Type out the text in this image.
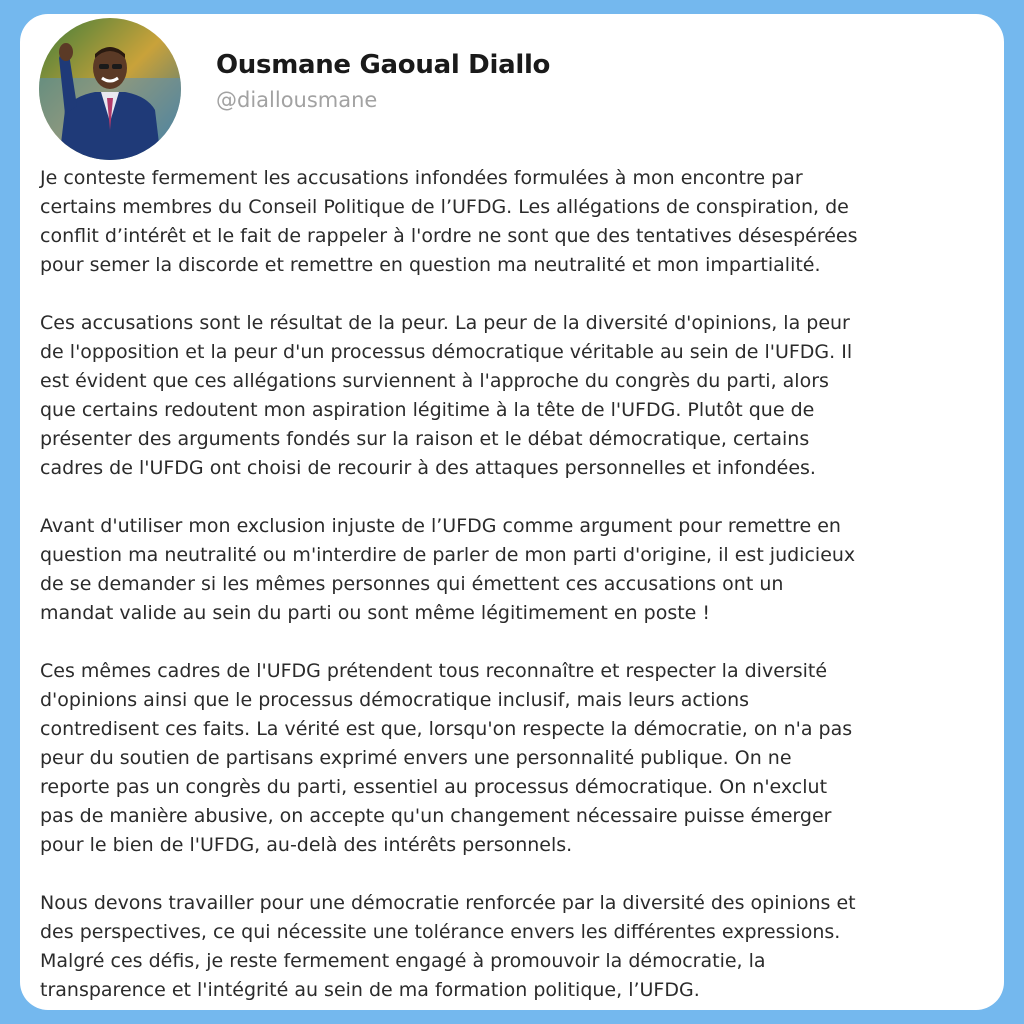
Ousmane Gaoual Diallo
@diallousmane

Je conteste fermement les accusations infondées formulées à mon encontre par
certains membres du Conseil Politique de l’UFDG. Les allégations de conspiration, de
conflit d’intérêt et le fait de rappeler à l'ordre ne sont que des tentatives désespérées
pour semer la discorde et remettre en question ma neutralité et mon impartialité.

Ces accusations sont le résultat de la peur. La peur de la diversité d'opinions, la peur
de l'opposition et la peur d'un processus démocratique véritable au sein de l'UFDG. Il
est évident que ces allégations surviennent à l'approche du congrès du parti, alors
que certains redoutent mon aspiration légitime à la tête de l'UFDG. Plutôt que de
présenter des arguments fondés sur la raison et le débat démocratique, certains
cadres de l'UFDG ont choisi de recourir à des attaques personnelles et infondées.

Avant d'utiliser mon exclusion injuste de l’UFDG comme argument pour remettre en
question ma neutralité ou m'interdire de parler de mon parti d'origine, il est judicieux
de se demander si les mêmes personnes qui émettent ces accusations ont un
mandat valide au sein du parti ou sont même légitimement en poste !

Ces mêmes cadres de l'UFDG prétendent tous reconnaître et respecter la diversité
d'opinions ainsi que le processus démocratique inclusif, mais leurs actions
contredisent ces faits. La vérité est que, lorsqu'on respecte la démocratie, on n'a pas
peur du soutien de partisans exprimé envers une personnalité publique. On ne
reporte pas un congrès du parti, essentiel au processus démocratique. On n'exclut
pas de manière abusive, on accepte qu'un changement nécessaire puisse émerger
pour le bien de l'UFDG, au-delà des intérêts personnels.

Nous devons travailler pour une démocratie renforcée par la diversité des opinions et
des perspectives, ce qui nécessite une tolérance envers les différentes expressions.
Malgré ces défis, je reste fermement engagé à promouvoir la démocratie, la
transparence et l'intégrité au sein de ma formation politique, l’UFDG.
